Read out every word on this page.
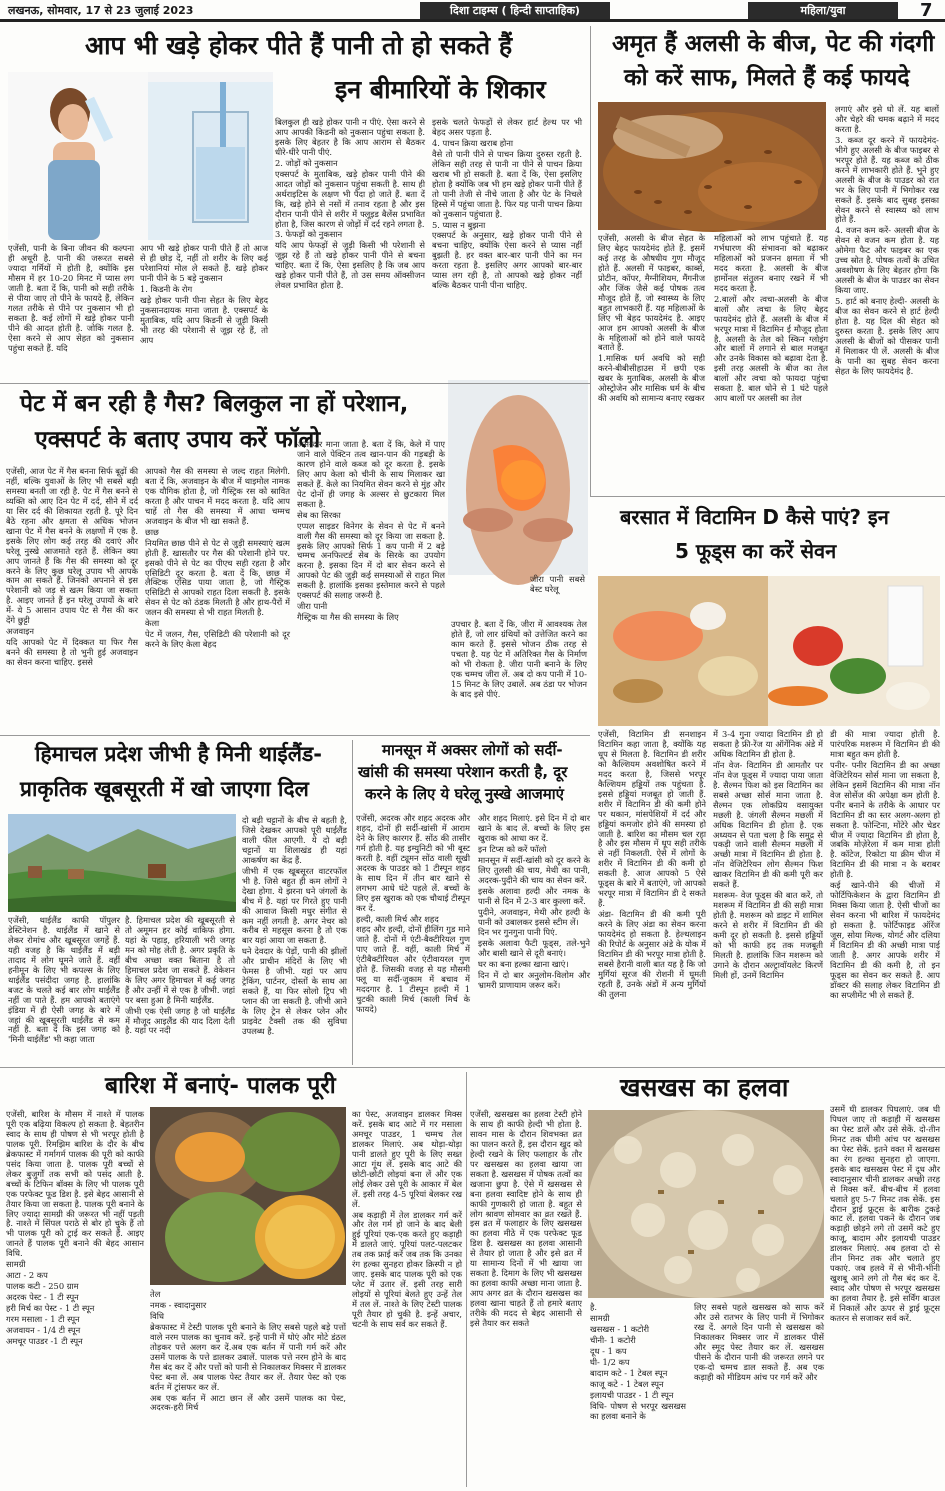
लखनऊ, सोमवार, 17 से 23 जुलाई 2023	दिशा टाइम्स ( हिन्दी साप्ताहिक)	महिला/युवा	7
आप भी खड़े होकर पीते हैं पानी तो हो सकते हैं
इन बीमारियों के शिकार
एजेंसी, पानी के बिना जीवन की कल्पना ही अधूरी है. पानी की जरूरत सबसे ज्यादा गर्मियों में होती है, क्योंकि इस मौसम में हर 10-20 मिनट में प्यास लग जाती है. बता दें कि, पानी को सही तरीके से पीया जाए तो पीने के फायदे हैं, लेकिन गलत तरीके से पीने पर नुकसान भी हो सकता है. कई लोगों में खड़े होकर पानी पीने की आदत होती है. जोकि गलत है. ऐसा करने से आप सेहत को नुकसान पहुंचा सकते हैं. यदि

आप भी खड़े होकर पानी पीते हैं तो आज से ही छोड़ दें, नहीं तो शरीर के लिए कई परेशानियां मोल ले सकते हैं. खड़े होकर पानी पीने के 5 बड़े नुकसान

1. किडनी के रोग

खड़े होकर पानी पीना सेहत के लिए बेहद नुकसानदायक माना जाता है. एक्सपर्ट के मुताबिक, यदि आप किडनी से जुड़ी किसी भी तरह की परेशानी से जूझ रहे हैं, तो आप

बिलकुल ही खड़े होकर पानी न पीएं. ऐसा करने से आप आपकी किडनी को नुकसान पहुंचा सकता है. इसके लिए बेहतर है कि आप आराम से बैठकर धीरे-धीरे पानी पीएं.

2. जोड़ों को नुकसान

एक्सपर्ट के मुताबिक, खड़े होकर पानी पीने की आदत जोड़ों को नुकसान पहुंचा सकती है. साथ ही अर्थराइटिस के लक्षण भी पैदा हो जाते हैं. बता दें कि, खड़े होने से नसों में तनाव रहता है और इस दौरान पानी पीने से शरीर में फ्लूइड बैलेंस प्रभावित होता है, जिस कारण से जोड़ों में दर्द रहने लगता है.

3. फेफड़ों को नुकसान

यदि आप फेफड़ों से जुड़ी किसी भी परेशानी से जूझ रहे हैं तो खड़े होकर पानी पीने से बचना चाहिए. बता दें कि, ऐसा इसलिए है कि जब आप खड़े होकर पानी पीते हैं, तो उस समय ऑक्सीजन लेवल प्रभावित होता है.

इसके चलते फेफड़ों से लेकर हार्ट हेल्थ पर भी बेहद असर पड़ता है.

4. पाचन क्रिया खराब होना

वैसे तो पानी पीने से पाचन क्रिया दुरुस्त रहती है. लेकिन सही तरह से पानी ना पीने से पाचन क्रिया खराब भी हो सकती है. बता दें कि, ऐसा इसलिए होता है क्योंकि जब भी हम खड़े होकर पानी पीते हैं तो पानी तेजी से नीचे जाता है और पेट के निचले हिस्से में पहुंचा जाता है. फिर यह पानी पाचन क्रिया को नुकसान पहुंचाता है.

5. प्यास न बुझना

एक्सपर्ट के अनुसार, खड़े होकर पानी पीने से बचना चाहिए, क्योंकि ऐसा करने से प्यास नहीं बुझती है. हर वक्त बार-बार पानी पीने का मन करता रहता है. इसलिए अगर आपको बार-बार प्यास लग रही है, तो आपको खड़े होकर नहीं बल्कि बैठकर पानी पीना चाहिए.

अमृत हैं अलसी के बीज, पेट की गंदगी
को करें साफ, मिलते हैं कई फायदे

एजेंसी, अलसी के बीज सेहत के लिए बेहद फायदेमंद होते हैं. इसमें कई तरह के औषधीय गुण मौजूद होते हैं. अलसी में फाइबर, कार्ब्स, प्रोटीन, कॉपर, मैग्नीशियम, मैंगनीज और जिंक जैसे कई पोषक तत्व मौजूद होते हैं, जो स्वास्थ्य के लिए बहुत लाभकारी हैं. यह महिलाओं के लिए भी बेहद फायदेमंद है. आइए आज हम आपको अलसी के बीज के महिलाओं को होने वाले फायदे बताते हैं.

1.मासिक धर्म अवधि को सही करने-बीबीसीहाउस में छपी एक खबर के मुताबिक, अलसी के बीज ओस्ट्रोजेन और मासिक धर्म के बीच की अवधि को सामान्य बनाए रखकर

महिलाओं को लाभ पहुंचाते हैं. यह गर्भधारण की संभावना को बढ़ाकर महिलाओं को प्रजनन क्षमता में भी मदद करता है. अलसी के बीज हार्मोनल संतुलन बनाए रखने में भी मदद करता है.

2.बालों और त्वचा-अलसी के बीज बालों और त्वचा के लिए बेहद फायदेमंद होते हैं. अलसी के बीज में भरपूर मात्रा में विटामिन ई मौजूद होता है. अलसी के तेल को स्किन ग्लोइंग और बालों में लगाने से बाल मजबूत और उनके विकास को बढ़ावा देता है. इसी तरह अलसी के बीज का तेल बालों और त्वचा को फायदा पहुंचा सकता है. बाल धोने से 1 घंटे पहले आप बालों पर अलसी का तेल

लगाएं और इसे धो लें. यह बालों और चेहरे की चमक बढ़ाने में मदद करता है.

3. कब्ज दूर करने में फायदेमंद- भीगे हुए अलसी के बीज फाइबर से भरपूर होते हैं. यह कब्ज को ठीक करने में लाभकारी होते हैं. भुने हुए अलसी के बीज के पाउडर को रात भर के लिए पानी में भिगोकर रख सकते हैं. इसके बाद सुबह इसका सेवन करने से स्वास्थ्य को लाभ होते हैं.

4. वजन कम करें- अलसी बीज के सेवन से वजन कम होता है. यह ओमेगा फैट और फाइबर का एक उच्च स्रोत है. पोषक तत्वों के उचित अवशोषण के लिए बेहतर होगा कि अलसी के बीज के पाउडर का सेवन किया जाए.

5. हार्ट को बनाए हेल्दी- अलसी के बीज का सेवन करने से हार्ट हेल्दी होता है. यह दिल की सेहत को दुरुस्त करता है. इसके लिए आप अलसी के बीजों को पीसकर पानी में मिलाकर पी लें. अलसी के बीज के पानी का सुबह सेवन करना सेहत के लिए फायदेमंद है.

पेट में बन रही है गैस? बिलकुल ना हों परेशान,
एक्सपर्ट के बताए उपाय करें फॉलो

एजेंसी, आज पेट में गैस बनना सिर्फ बूढ़ों की नहीं, बल्कि युवाओं के लिए भी सबसे बड़ी समस्या बनती जा रही है. पेट में गैस बनने से व्यक्ति को आए दिन पेट में दर्द, सीने में दर्द या सिर दर्द की शिकायत रहती है. पूरे दिन बैठे रहना और क्षमता से अधिक भोजन खाना पेट में गैस बनने के लक्षणों में एक है. इसके लिए लोग कई तरह की दवाएं और घरेलू नुस्खे आजमाते रहते हैं. लेकिन क्या आप जानते हैं कि गैस की समस्या को दूर करने के लिए कुछ घरेलू उपाय भी आपके काम आ सकते हैं. जिनको अपनाने से इस परेशानी को जड़ से खत्म किया जा सकता है. आइए जानते हैं इन घरेलू उपायों के बारे में- ये 5 आसान उपाय पेट से गैस की कर देंगे छुट्टी

अजवाइन

यदि आपको पेट में दिक्कत या फिर गैस बनने की समस्या है तो भुनी हुई अजवाइन का सेवन करना चाहिए. इससे

आपको गैस की समस्या से जल्द राहत मिलेगी. बता दें कि, अजवाइन के बीज में थाइमोल नामक एक यौगिक होता है, जो गैस्ट्रिक रस को स्रावित करता है और पाचन में मदद करता है. यदि आप चाहें तो गैस की समस्या में आधा चम्मच अजवाइन के बीज भी खा सकते हैं.

छाछ

नियमित छाछ पीने से पेट से जुड़ी समस्याएं खत्म होती हैं. खासतौर पर गैस की परेशानी होने पर. इसको पीने से पेट का पीएच सही रहता है और एसिडिटी दूर करता है. बता दें कि, छाछ में लैक्टिक एसिड पाया जाता है, जो गैस्ट्रिक एसिडिटी से आपको राहत दिला सकती है. इसके सेवन से पेट को ठंडक मिलती है और हाथ-पैरों में जलन की समस्या से भी राहत मिलती है.

केला

पेट में जलन, गैस, एसिडिटी की परेशानी को दूर करने के लिए केला बेहद

असरदार माना जाता है. बता दें कि, केले में पाए जाने वाले पेक्टिन तत्व खान-पान की गड़बड़ी के कारण होने वाले कब्ज को दूर करता है. इसके लिए आप केला को चीनी के साथ मिलाकर खा सकते हैं. केले का नियमित सेवन करने से मुंह और पेट दोनों ही जगह के अल्सर से छुटकारा मिल सकता है.

सेब का सिरका

एप्पल साइडर विनेगर के सेवन से पेट में बनने वाली गैस की समस्या को दूर किया जा सकता है. इसके लिए आपको सिर्फ 1 कप पानी में 2 बड़े चम्मच अनफिल्टर्ड सेब के सिरके का उपयोग करना है. इसका दिन में दो बार सेवन करने से आपको पेट की जुड़ी कई समस्याओं से राहत मिल सकती है. हालांकि इसका इस्तेमाल करने से पहले एक्सपर्ट की सलाह जरूरी है.

जीरा पानी

गैस्ट्रिक या गैस की समस्या के लिए

जीरा पानी सबसे बेस्ट घरेलू
उपचार है. बता दें कि, जीरा में आवश्यक तेल होते हैं, जो लार ग्रंथियों को उत्तेजित करने का काम करते हैं. इससे भोजन ठीक तरह से पचता है. यह पेट में अतिरिक्त गैस के निर्माण को भी रोकता है. जीरा पानी बनाने के लिए एक चम्मच जीरा लें. अब दो कप पानी में 10-15 मिनट के लिए उबालें. अब ठंडा पर भोजन के बाद इसे पीएं.
बरसात में विटामिन D कैसे पाएं? इन
5 फूड्स का करें सेवन

एजेंसी, विटामिन डी सनशाइन विटामिन कहा जाता है, क्योंकि यह धूप से मिलता है. विटामिन डी शरीर को कैल्शियम अवशोषित करने में मदद करता है, जिससे भरपूर कैल्शियम हड्डियों तक पहुंचता है. इससे हड्डियां मजबूत हो जाती हैं. शरीर में विटामिन डी की कमी होने पर थकान, मांसपेशियों में दर्द और हड्डियां कमजोर होने की समस्या हो जाती है. बारिश का मौसम चल रहा है और इस मौसम में धूप सही तरीके से नहीं निकलती. ऐसे में लोगों के शरीर में विटामिन डी की कमी हो सकती है. आज आपको 5 ऐसे फूड्स के बारे में बताएंगे, जो आपको भरपूर मात्रा में विटामिन डी दे सकते हैं.

अंडा- विटामिन डी की कमी पूरी करने के लिए अंडा का सेवन करना फायदेमंद हो सकता है. हेल्थलाइन की रिपोर्ट के अनुसार अंडे के योक में विटामिन डी की भरपूर मात्रा होती है. सबसे हैरानी वाली बात यह है कि जो मुर्गियां सूरज की रोशनी में घूमती रहती हैं, उनके अंडों में अन्य मुर्गियों की तुलना

में 3-4 गुना ज्यादा विटामिन डी हो सकता है फ्री-रेंज या ऑर्गेनिक अंडे में अधिक विटामिन डी होता है.

नॉन वेज- विटामिन डी आमतौर पर नॉन वेज फूड्स में ज्यादा पाया जाता है. सैल्मन फिश को इस विटामिन का सबसे अच्छा सोर्स माना जाता है. सैल्मन एक लोकप्रिय वसायुक्त मछली है. जंगली सैल्मन मछली में अधिक विटामिन डी होता है. एक अध्ययन से पता चला है कि समुद्र से पकड़ी जाने वाली सैल्मन मछली में अच्छी मात्रा में विटामिन डी होता है. नॉन वेजिटेरियन लोग सैल्मन फिश खाकर विटामिन डी की कमी पूरी कर सकते हैं.

मशरूम- वेज फूड्स की बात करें, तो मशरूम में विटामिन डी की सही मात्रा होती है. मशरूम को डाइट में शामिल करने से शरीर में विटामिन डी की कमी दूर हो सकती है. इससे हड्डियों को भी काफी हद तक मजबूती मिलती है. हालांकि जिन मशरूम को उगाने के दौरान अल्ट्रावॉयलेट किरणें मिली हों, उनमें विटामिन

डी की मात्रा ज्यादा होती है. पारंपरिक मशरूम में विटामिन डी की मात्रा बहुत कम होती है.

पनीर- पनीर विटामिन डी का अच्छा वेजिटेरियन सोर्स माना जा सकता है, लेकिन इसमें विटामिन की मात्रा नॉन वेज सोर्सेज की अपेक्षा कम होती है. पनीर बनाने के तरीके के आधार पर विटामिन डी का स्तर अलग-अलग हो सकता है. फोन्टिना, मोंटेरे और चेडर चीज में ज्यादा विटामिन डी होता है, जबकि मोज़ेरेला में कम मात्रा होती है. कॉटेज, रिकोटा या क्रीम चीज में विटामिन डी की मात्रा न के बराबर होती है.

कई खाने-पीने की चीजों में फोर्टिफिकेशन के द्वारा विटामिन डी मिक्स किया जाता है. ऐसी चीजों का सेवन करना भी बारिश में फायदेमंद हो सकता है. फोर्टिफाइड ऑरेंज जूस, सोया मिल्क, योगर्ट और दलिया में विटामिन डी की अच्छी मात्रा पाई जाती है. अगर आपके शरीर में विटामिन डी की कमी है, तो इन फूड्स का सेवन कर सकते हैं. आप डॉक्टर की सलाह लेकर विटामिन डी का सप्लीमेंट भी ले सकते हैं.

हिमाचल प्रदेश जीभी है मिनी थाईलैंड-
प्राकृतिक खूबसूरती में खो जाएगा दिल
एजेंसी, थाईलैंड काफी पॉपुलर डेस्टिनेशन है. थाईलैंड में खाने से लेकर रोमांच और खूबसूरत जगहें हैं. यही वजह है कि थाईलैंड में बड़ी तादाद में लोग घूमने जाते हैं. वहीं हनीमून के लिए भी कपल्स के लिए थाईलैंड पसंदीदा जगह है. हालांकि बजट के चलते कई बार लोग थाईलैंड नहीं जा पाते हैं. हम आपको बताएंगे इंडिया में ही ऐसी जगह के बारे में जहां की खूबसूरती थाईलैंड से कम नहीं है. बता दें कि इस जगह को 'मिनी थाईलैंड' भी कहा जाता

है. हिमाचल प्रदेश की खूबसूरती से तो अमूमन हर कोई वाकिफ होगा. यहां के पहाड़, हरियाली भरी जगह मन को मोह लेती है. अगर प्रकृति के बीच अच्छा वक्त बिताना है तो हिमाचल प्रदेश जा सकते हैं. वेकेशन के लिए अगर हिमाचल में कई जगह हैं और उन्हीं में से एक है जीभी. जहां पर बसा हुआ है मिनी थाईलैंड.

जीभी एक ऐसी जगह है जो थाईलैंड में मौजूद आइलैंड की याद दिला देती है. यहां पर नदी

दो बड़ी चट्टानों के बीच से बहती है, जिसे देखकर आपको पूरी थाईलैंड वाली फील आएगी. ये दो बड़ी चट्टानों या शिलाखंड ही यहां आकर्षण का केंद्र हैं.

जीभी में एक खूबसूरत वाटरफॉल भी है. जिसे बहुत ही कम लोगों ने देखा होगा. ये झरना घने जंगलों के बीच में है. यहां पर गिरते हुए पानी की आवाज किसी मधुर संगीत से कम नहीं लगती है. अगर नेचर को करीब से महसूस करना है तो एक बार यहां आया जा सकता है.

घने देवदार के पेड़ों, पानी की झीलों और प्राचीन मंदिरों के लिए भी फेमस है जीभी. यहां पर आप ट्रेकिंग, पार्टनर, दोस्तों के साथ आ सकते हैं, या फिर सोलो ट्रिप भी प्लान की जा सकती है. जीभी आने के लिए ट्रेन से लेकर प्लेन और प्राइवेट टैक्सी तक की सुविधा उपलब्ध है.

मानसून में अक्सर लोगों को सर्दी-
खांसी की समस्या परेशान करती है, दूर
करने के लिए ये घरेलू नुस्खे आजमाएं

एजेंसी, अदरक और शहद अदरक और शहद, दोनों ही सर्दी-खांसी में आराम देने के लिए कारगर हैं. सोंठ की तासीर गर्म होती है. यह इम्युनिटी को भी बूस्ट करती है. वहीं ट्यूमन सोंठ वाली सूखी अदरक के पाउडर को 1 टीस्पून शहद के साथ दिन में तीन बार खाने से लगभग आधे घंटे पहले लें. बच्चों के लिए इस खुराक को एक चौथाई टीस्पून कर दें.

हल्दी, काली मिर्च और शहद

शहद और हल्दी, दोनों हीलिंग गुड माने जाते हैं. दोनों में एंटी-बैक्टीरियल गुण पाए जाते हैं. वहीं, काली मिर्च में एंटीबैक्टीरियल और एंटीवायरल गुण होते हैं. जिसकी वजह से यह मौसमी फ्लू या सर्दी-जुकाम में बचाव में मददगार है. 1 टीस्पून हल्दी में 1 चुटकी काली मिर्च (काली मिर्च के फायदे)

और शहद मिलाएं. इसे दिन में दो बार खाने के बाद लें. बच्चों के लिए इस खुराक को आधा कर दें.

इन टिप्स को करें फॉलो

मानसून में सर्दी-खांसी को दूर करने के लिए तुलसी की चाय, मेथी का पानी, अदरक-पुदीने की चाय का सेवन करें.

इसके अलावा हल्दी और नमक के पानी से दिन में 2-3 बार कुल्ला करें.

पुदीने, अजवाइन, मेथी और हल्दी के पानी को उबालकर इससे स्टीम लें।

दिन भर गुनगुना पानी पिएं.

इसके अलावा फैटी फूड्स, तले-भुने और बासी खाने से दूरी बनाएं।

घर का बना हल्का खाना खाएं।

दिन में दो बार अनुलोम-विलोम और भ्रामरी प्राणायाम जरूर करें।

बारिश में बनाएं- पालक पूरी

एजेंसी, बारिश के मौसम में नाश्ते में पालक पूरी एक बढ़िया विकल्प हो सकता है. बेहतरीन स्वाद के साथ ही पोषण से भी भरपूर होती है पालक पूरी. रिमझिम बारिश के दौर के बीच ब्रेकफास्ट में गर्मागर्म पालक की पूरी को काफी पसंद किया जाता है. पालक पूरी बच्चों से लेकर बुजुर्गों तक सभी को पसंद आती है. बच्चों के टिफिन बॉक्स के लिए भी पालक पूरी एक परफेक्ट फूड डिश है. इसे बेहद आसानी से तैयार किया जा सकता है. पालक पूरी बनाने के लिए ज्यादा सामग्री की जरूरत भी नहीं पड़ती है. नाश्ते में सिंपल पराठे से बोर हो चुके हैं तो भी पालक पूरी को ट्राई कर सकते हैं. आइए जानते हैं पालक पूरी बनाने की बेहद आसान विधि.

सामग्री

आटा - 2 कप

पालक कटी - 250 ग्राम

अदरक पेस्ट - 1 टी स्पून

हरी मिर्च का पेस्ट - 1 टी स्पून

गरम मसाला - 1 टी स्पून

अजवायन - 1/4 टी स्पून

अमचूर पाउडर -1 टी स्पून

तेल

नमक - स्वादानुसार

विधि

ब्रेकफास्ट में टेस्टी पालक पूरी बनाने के लिए सबसे पहले बड़े पत्तों वाले नरम पालक का चुनाव करें. इन्हें पानी में धोएं और मोटे डंठल तोड़कर पत्ते अलग कर दें.अब एक बर्तन में पानी गर्म करें और उसमें पालक के पत्ते डालकर उबालें. पालक पत्ते नरम होने के बाद गैस बंद कर दें और पत्तों को पानी से निकालकर मिक्सर में डालकर पेस्ट बना लें. अब पालक पेस्ट तैयार कर लें. तैयार पेस्ट को एक बर्तन में ट्रांसफर कर लें.

अब एक बर्तन में आटा छान लें और उसमें पालक का पेस्ट, अदरक-हरी मिर्च

का पेस्ट, अजवाइन डालकर मिक्स करें. इसके बाद आटे में गर मसाला अमचूर पाउडर, 1 चम्मच तेल डालकर मिलाएं. अब थोड़ा-थोड़ा पानी डालते हुए पूरी के लिए सख्त आटा गूंथ लें. इसके बाद आटे की छोटी-छोटी लोइयां बना लें और एक लोई लेकर उसे पूरी के आकार में बेल लें. इसी तरह 4-5 पूरियां बेलकर रख लें.

अब कड़ाही में तेल डालकर गर्म करें और तेल गर्म हो जाने के बाद बेली हुई पूरियां एक-एक करते हुए कड़ाही में डालते जाएं. पूरियां पलट-पलटकर तब तक फ्राई करें जब तक कि उनका रंग हल्का सुनहरा होकर क्रिस्पी न हो जाए. इसके बाद पालक पूरी को एक प्लेट में उतार लें. इसी तरह सारी लोइयों से पूरियां बेलते हुए उन्हें तेल में तल लें. नाश्ते के लिए टेस्टी पालक पूरी तैयार हो चुकी है. इन्हें अचार, चटनी के साथ सर्व कर सकते हैं.

खसखस का हलवा
एजेंसी, खसखस का हलवा टेस्टी होने के साथ ही काफी हेल्दी भी होता है. सावन मास के दौरान शिवभक्त व्रत का पालन करते हैं, इस दौरान खुद को हेल्दी रखने के लिए फलाहार के तौर पर खसखस का हलवा खाया जा सकता है. खसखस में पोषक तत्वों का खजाना छुपा है. ऐसे में खसखस से बना हलवा स्वादिष्ट होने के साथ ही काफी गुणकारी हो जाता है. बहुत से लोग श्रावण सोमवार का व्रत रखते हैं. इस व्रत में फलाहार के लिए खसखस का हलवा मीठे में एक परफेक्ट फूड डिश है. खसखस का हलवा आसानी से तैयार हो जाता है और इसे व्रत में या सामान्य दिनों में भी खाया जा सकता है. दिमाग के लिए भी खसखस का हलवा काफी अच्छा माना जाता है. आप अगर व्रत के दौरान खसखस का हलवा खाना चाहते हैं तो हमारे बताए तरीके की मदद से बेहद आसानी से इसे तैयार कर सकते

है.

सामग्री

खसखस - 1 कटोरी

चीनी- 1 कटोरी

दूध - 1 कप

घी- 1/2 कप

बादाम कटे - 1 टेबल स्पून

काजू कटे - 1 टेबल स्पून

इलायची पाउडर - 1 टी स्पून

विधि- पोषण से भरपूर खसखस का हलवा बनाने के

लिए सबसे पहले खसखस को साफ करें और उसे रातभर के लिए पानी में भिगोकर रख दें. अगले दिन पानी से खसखस को निकालकर मिक्सर जार में डालकर पीसें और स्मूद पेस्ट तैयार कर लें. खसखस पीसने के दौरान पानी की जरूरत लगने पर एक-दो चम्मच डाल सकते हैं. अब एक कड़ाही को मीडियम आंच पर गर्म करें और
उसमें घी डालकर पिघलाएं. जब घी पिघल जाए तो कड़ाही में खसखस का पेस्ट डालें और उसे सेकें. दो-तीन मिनट तक धीमी आंच पर खसखस का पेस्ट सेकें. इतने वक्त में खसखस का रंग हल्का सुनहरा हो जाएगा. इसके बाद खसखस पेस्ट में दूध और स्वादानुसार चीनी डालकर अच्छी तरह से मिक्स करें. बीच-बीच में हलवा चलाते हुए 5-7 मिनट तक सेकें. इस दौरान ड्राई फ्रूट्स के बारीक टुकड़े काट लें. हलवा पकने के दौरान जब कड़ाही छोड़ने लगे तो उसमें कटे हुए काजू, बादाम और इलायची पाउडर डालकर मिलाएं. अब हलवा दो से तीन मिनट तक और चलाते हुए पकाएं. जब हलवे में से भीनी-भीनी खुशबू आने लगे तो गैस बंद कर दें. स्वाद और पोषण से भरपूर खसखस का हलवा तैयार है. इसे सर्विंग बाउल में निकालें और ऊपर से ड्राई फ्रूट्स कतरन से सजाकर सर्व करें.
